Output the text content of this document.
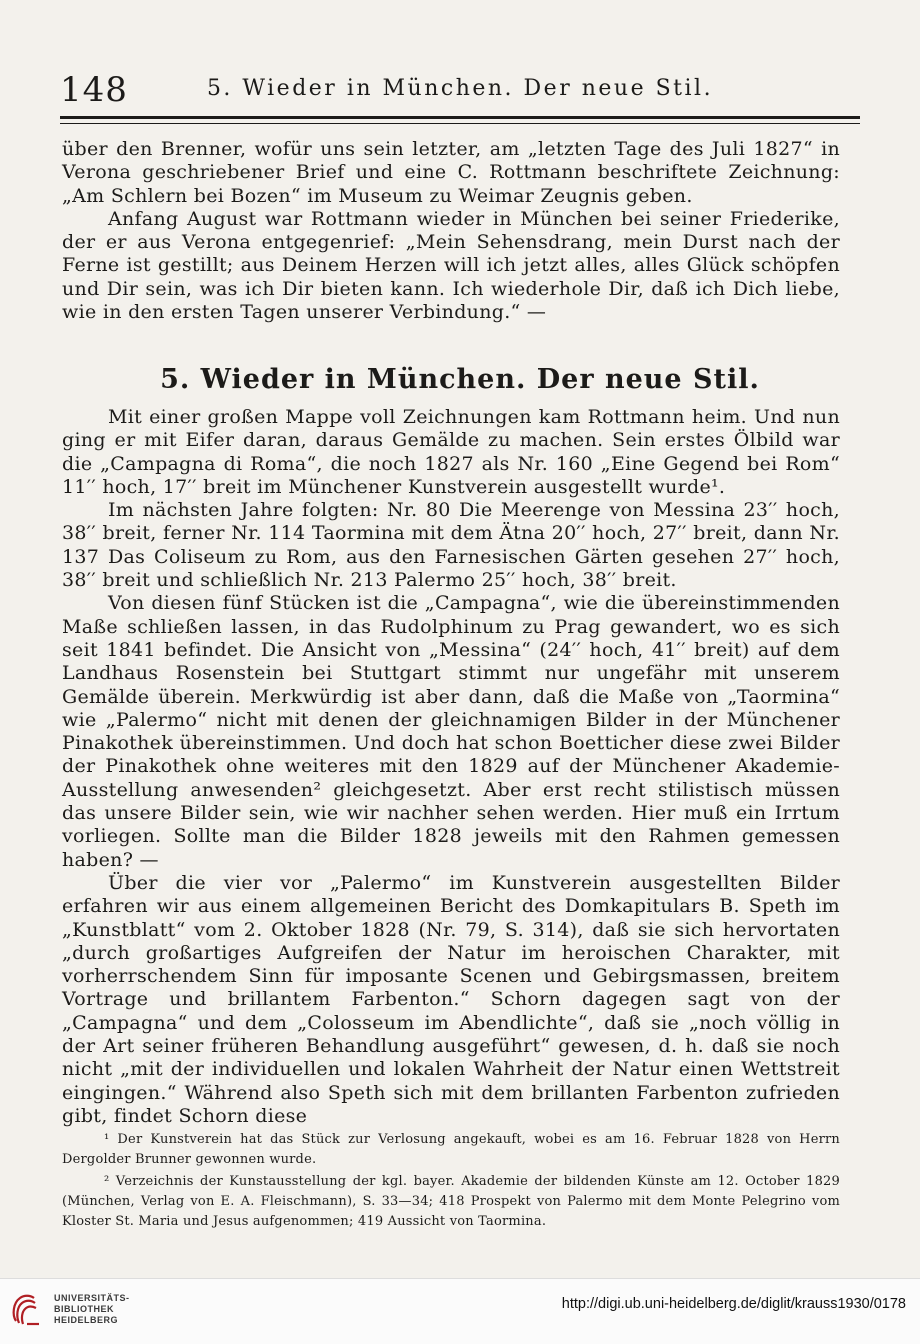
148	5. Wieder in München. Der neue Stil.

über den Brenner, wofür uns sein letzter, am „letzten Tage des Juli 1827“ in Verona geschriebener Brief und eine C. Rottmann beschriftete Zeichnung: „Am Schlern bei Bozen“ im Museum zu Weimar Zeugnis geben.

Anfang August war Rottmann wieder in München bei seiner Friederike, der er aus Verona entgegenrief: „Mein Sehensdrang, mein Durst nach der Ferne ist gestillt; aus Deinem Herzen will ich jetzt alles, alles Glück schöpfen und Dir sein, was ich Dir bieten kann. Ich wiederhole Dir, daß ich Dich liebe, wie in den ersten Tagen unserer Verbindung.“ —

5. Wieder in München. Der neue Stil.

Mit einer großen Mappe voll Zeichnungen kam Rottmann heim. Und nun ging er mit Eifer daran, daraus Gemälde zu machen. Sein erstes Ölbild war die „Campagna di Roma“, die noch 1827 als Nr. 160 „Eine Gegend bei Rom“ 11′′ hoch, 17′′ breit im Münchener Kunstverein ausgestellt wurde¹.

Im nächsten Jahre folgten: Nr. 80 Die Meerenge von Messina 23′′ hoch, 38′′ breit, ferner Nr. 114 Taormina mit dem Ätna 20′′ hoch, 27′′ breit, dann Nr. 137 Das Coliseum zu Rom, aus den Farnesischen Gärten gesehen 27′′ hoch, 38′′ breit und schließlich Nr. 213 Palermo 25′′ hoch, 38′′ breit.

Von diesen fünf Stücken ist die „Campagna“, wie die übereinstimmenden Maße schließen lassen, in das Rudolphinum zu Prag gewandert, wo es sich seit 1841 befindet. Die Ansicht von „Messina“ (24′′ hoch, 41′′ breit) auf dem Landhaus Rosenstein bei Stuttgart stimmt nur ungefähr mit unserem Gemälde überein. Merkwürdig ist aber dann, daß die Maße von „Taormina“ wie „Palermo“ nicht mit denen der gleichnamigen Bilder in der Münchener Pinakothek übereinstimmen. Und doch hat schon Boetticher diese zwei Bilder der Pinakothek ohne weiteres mit den 1829 auf der Münchener Akademie-Ausstellung anwesenden² gleichgesetzt. Aber erst recht stilistisch müssen das unsere Bilder sein, wie wir nachher sehen werden. Hier muß ein Irrtum vorliegen. Sollte man die Bilder 1828 jeweils mit den Rahmen gemessen haben? —

Über die vier vor „Palermo“ im Kunstverein ausgestellten Bilder erfahren wir aus einem allgemeinen Bericht des Domkapitulars B. Speth im „Kunstblatt“ vom 2. Oktober 1828 (Nr. 79, S. 314), daß sie sich hervortaten „durch großartiges Aufgreifen der Natur im heroischen Charakter, mit vorherrschendem Sinn für imposante Scenen und Gebirgsmassen, breitem Vortrage und brillantem Farbenton.“ Schorn dagegen sagt von der „Campagna“ und dem „Colosseum im Abendlichte“, daß sie „noch völlig in der Art seiner früheren Behandlung ausgeführt“ gewesen, d. h. daß sie noch nicht „mit der individuellen und lokalen Wahrheit der Natur einen Wettstreit eingingen.“ Während also Speth sich mit dem brillanten Farbenton zufrieden gibt, findet Schorn diese

¹ Der Kunstverein hat das Stück zur Verlosung angekauft, wobei es am 16. Februar 1828 von Herrn Dergolder Brunner gewonnen wurde.

² Verzeichnis der Kunstausstellung der kgl. bayer. Akademie der bildenden Künste am 12. October 1829 (München, Verlag von E. A. Fleischmann), S. 33—34; 418 Prospekt von Palermo mit dem Monte Pelegrino vom Kloster St. Maria und Jesus aufgenommen; 419 Aussicht von Taormina.

UNIVERSITÄTS-
BIBLIOTHEK
HEIDELBERG
http://digi.ub.uni-heidelberg.de/diglit/krauss1930/0178
